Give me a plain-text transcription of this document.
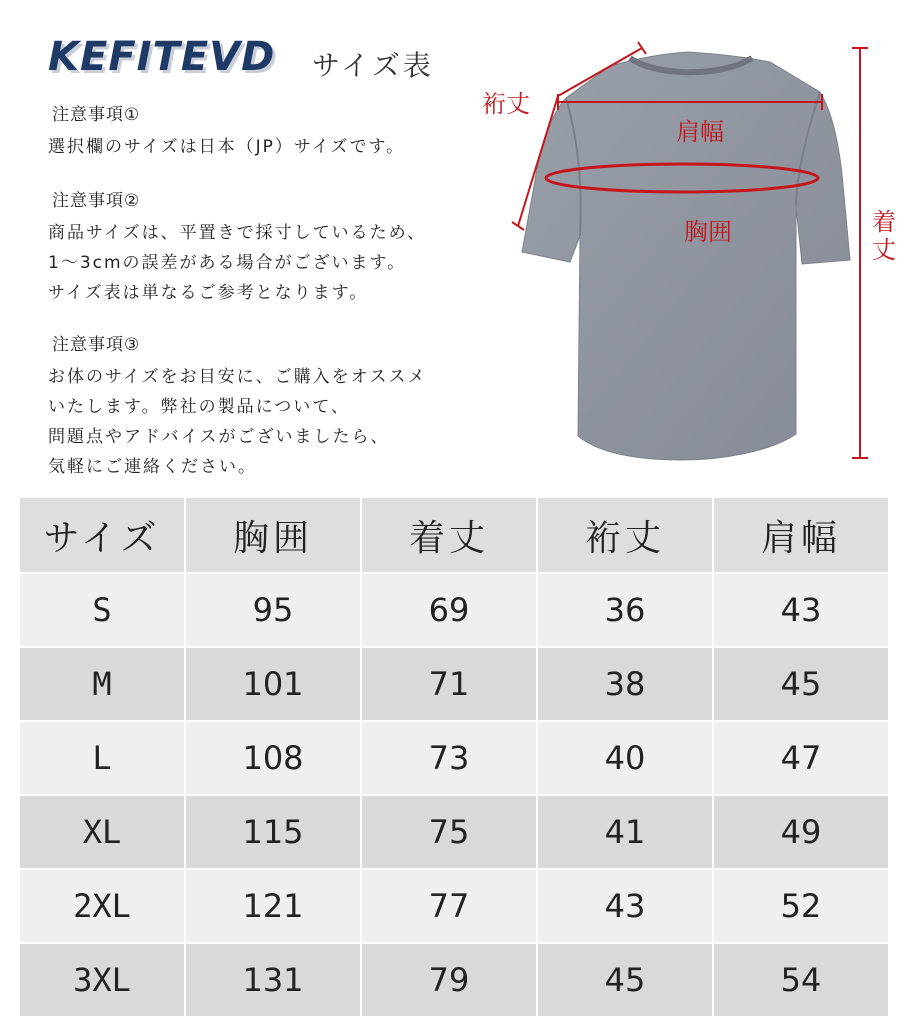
KEFITEVD サイズ表
注意事項①
選択欄のサイズは日本（JP）サイズです。
注意事項②
商品サイズは、平置きで採寸しているため、
1〜3cmの誤差がある場合がございます。
サイズ表は単なるご参考となります。
注意事項③
お体のサイズをお目安に、ご購入をオススメ
いたします。弊社の製品について、
問題点やアドバイスがございましたら、
気軽にご連絡ください。
裄丈
肩幅
胸囲	着
丈
サイズ	胸囲	着丈	裄丈	肩幅
S	95	69	36	43
M	101	71	38	45
L	108	73	40	47
XL	115	75	41	49
2XL	121	77	43	52
3XL	131	79	45	54
